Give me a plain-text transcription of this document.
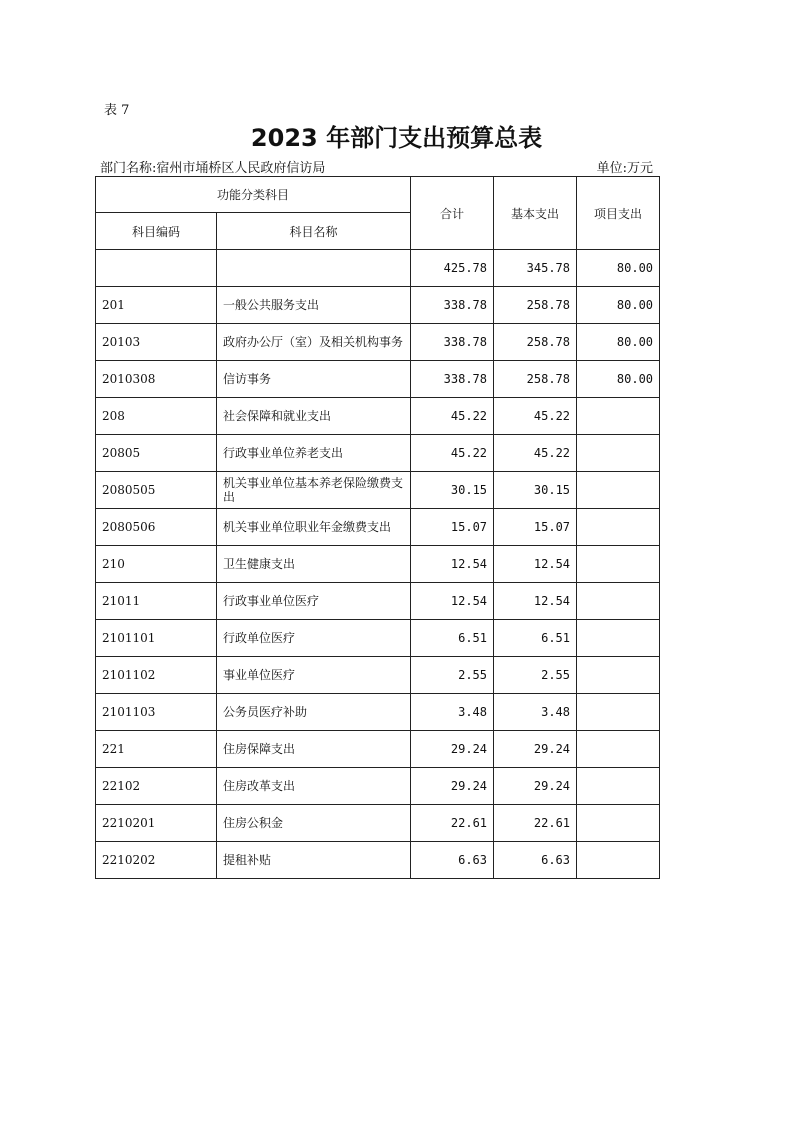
表 7
2023 年部门支出预算总表
部门名称:宿州市埇桥区人民政府信访局	单位:万元
功能分类科目		合计	基本支出	项目支出
科目编码	科目名称			
		425.78	345.78	80.00
201	一般公共服务支出	338.78	258.78	80.00
20103	政府办公厅（室）及相关机构事务	338.78	258.78	80.00
2010308	信访事务	338.78	258.78	80.00
208	社会保障和就业支出	45.22	45.22	
20805	行政事业单位养老支出	45.22	45.22	
2080505	机关事业单位基本养老保险缴费支出	30.15	30.15	
2080506	机关事业单位职业年金缴费支出	15.07	15.07	
210	卫生健康支出	12.54	12.54	
21011	行政事业单位医疗	12.54	12.54	
2101101	行政单位医疗	6.51	6.51	
2101102	事业单位医疗	2.55	2.55	
2101103	公务员医疗补助	3.48	3.48	
221	住房保障支出	29.24	29.24	
22102	住房改革支出	29.24	29.24	
2210201	住房公积金	22.61	22.61	
2210202	提租补贴	6.63	6.63	
